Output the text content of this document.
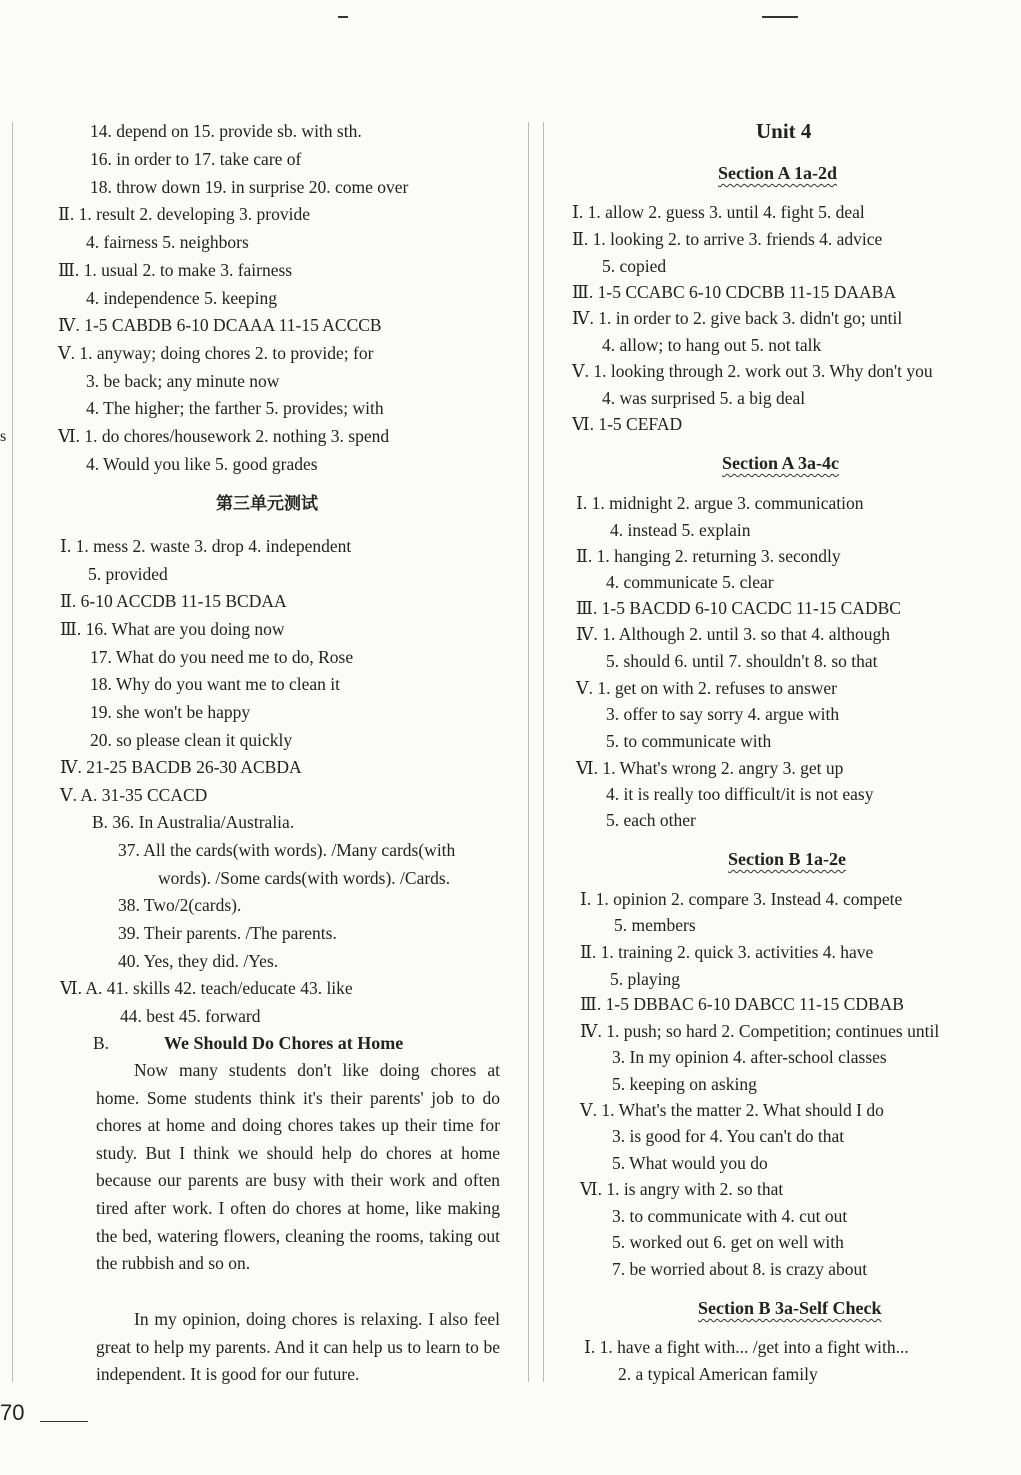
s
14. depend on 15. provide sb. with sth.
16. in order to 17. take care of
18. throw down 19. in surprise 20. come over
Ⅱ. 1. result 2. developing 3. provide
4. fairness 5. neighbors
Ⅲ. 1. usual 2. to make 3. fairness
4. independence 5. keeping
Ⅳ. 1-5 CABDB 6-10 DCAAA 11-15 ACCCB
Ⅴ. 1. anyway; doing chores 2. to provide; for
3. be back; any minute now
4. The higher; the farther 5. provides; with
Ⅵ. 1. do chores/housework 2. nothing 3. spend
4. Would you like 5. good grades
第三单元测试
Ⅰ. 1. mess 2. waste 3. drop 4. independent
5. provided
Ⅱ. 6-10 ACCDB 11-15 BCDAA
Ⅲ. 16. What are you doing now
17. What do you need me to do, Rose
18. Why do you want me to clean it
19. she won't be happy
20. so please clean it quickly
Ⅳ. 21-25 BACDB 26-30 ACBDA
Ⅴ. A. 31-35 CCACD
B. 36. In Australia/Australia.
37. All the cards(with words). /Many cards(with
words). /Some cards(with words). /Cards.
38. Two/2(cards).
39. Their parents. /The parents.
40. Yes, they did. /Yes.
Ⅵ. A. 41. skills 42. teach/educate 43. like
44. best 45. forward
B.	We Should Do Chores at Home
Now many students don't like doing chores at home. Some students think it's their parents' job to do chores at home and doing chores takes up their time for study. But I think we should help do chores at home because our parents are busy with their work and often tired after work. I often do chores at home, like making the bed, watering flowers, cleaning the rooms, taking out the rubbish and so on.
In my opinion, doing chores is relaxing. I also feel great to help my parents. And it can help us to learn to be independent. It is good for our future.
Unit 4
Section A 1a-2d
Ⅰ. 1. allow 2. guess 3. until 4. fight 5. deal
Ⅱ. 1. looking 2. to arrive 3. friends 4. advice
5. copied
Ⅲ. 1-5 CCABC 6-10 CDCBB 11-15 DAABA
Ⅳ. 1. in order to 2. give back 3. didn't go; until
4. allow; to hang out 5. not talk
Ⅴ. 1. looking through 2. work out 3. Why don't you
4. was surprised 5. a big deal
Ⅵ. 1-5 CEFAD
Section A 3a-4c
Ⅰ. 1. midnight 2. argue 3. communication
4. instead 5. explain
Ⅱ. 1. hanging 2. returning 3. secondly
4. communicate 5. clear
Ⅲ. 1-5 BACDD 6-10 CACDC 11-15 CADBC
Ⅳ. 1. Although 2. until 3. so that 4. although
5. should 6. until 7. shouldn't 8. so that
Ⅴ. 1. get on with 2. refuses to answer
3. offer to say sorry 4. argue with
5. to communicate with
Ⅵ. 1. What's wrong 2. angry 3. get up
4. it is really too difficult/it is not easy
5. each other
Section B 1a-2e
Ⅰ. 1. opinion 2. compare 3. Instead 4. compete
5. members
Ⅱ. 1. training 2. quick 3. activities 4. have
5. playing
Ⅲ. 1-5 DBBAC 6-10 DABCC 11-15 CDBAB
Ⅳ. 1. push; so hard 2. Competition; continues until
3. In my opinion 4. after-school classes
5. keeping on asking
Ⅴ. 1. What's the matter 2. What should I do
3. is good for 4. You can't do that
5. What would you do
Ⅵ. 1. is angry with 2. so that
3. to communicate with 4. cut out
5. worked out 6. get on well with
7. be worried about 8. is crazy about
Section B 3a-Self Check
Ⅰ. 1. have a fight with... /get into a fight with...
2. a typical American family
70
